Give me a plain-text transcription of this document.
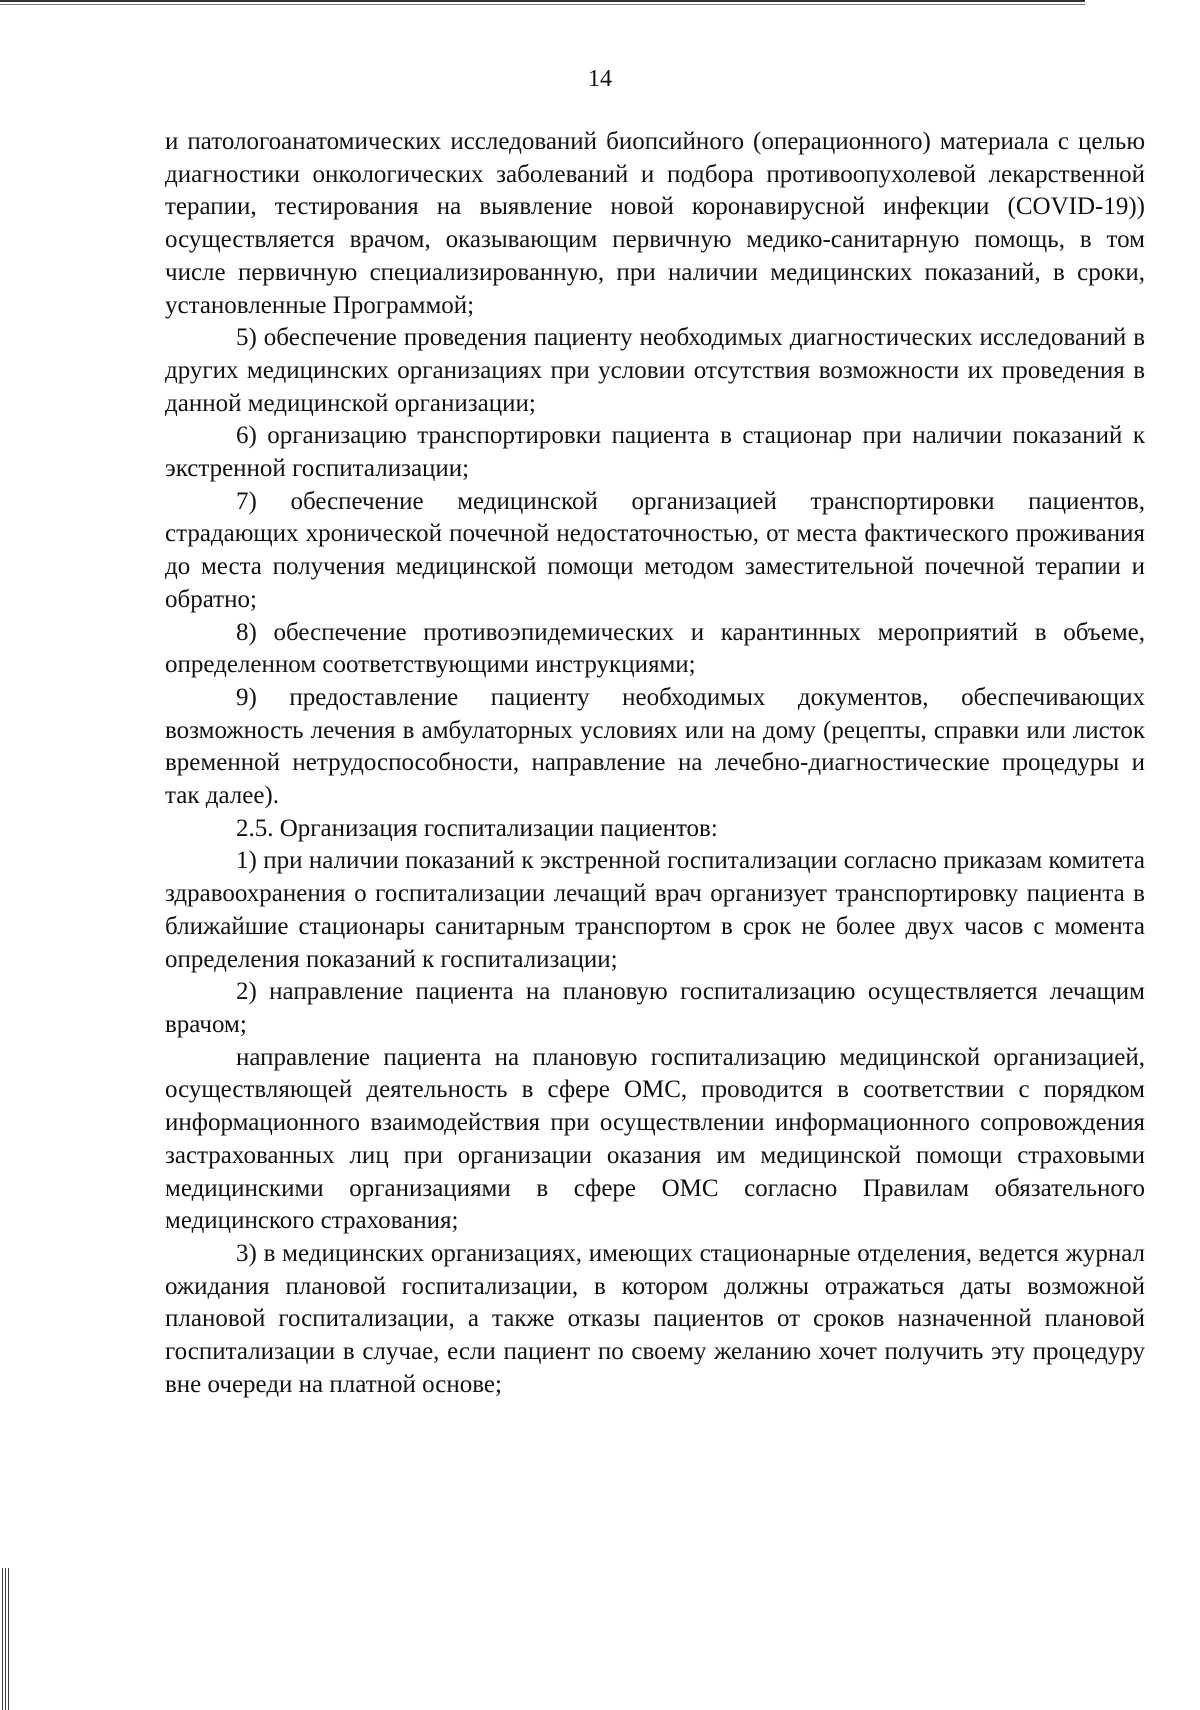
14

и патологоанатомических исследований биопсийного (операционного) материала с целью диагностики онкологических заболеваний и подбора противоопухолевой лекарственной терапии, тестирования на выявление новой коронавирусной инфекции (COVID-19)) осуществляется врачом, оказывающим первичную медико-санитарную помощь, в том числе первичную специализированную, при наличии медицинских показаний, в сроки, установленные Программой;

5) обеспечение проведения пациенту необходимых диагностических исследований в других медицинских организациях при условии отсутствия возможности их проведения в данной медицинской организации;

6) организацию транспортировки пациента в стационар при наличии показаний к экстренной госпитализации;

7) обеспечение медицинской организацией транспортировки пациентов, страдающих хронической почечной недостаточностью, от места фактического проживания до места получения медицинской помощи методом заместительной почечной терапии и обратно;

8) обеспечение противоэпидемических и карантинных мероприятий в объеме, определенном соответствующими инструкциями;

9) предоставление пациенту необходимых документов, обеспечивающих возможность лечения в амбулаторных условиях или на дому (рецепты, справки или листок временной нетрудоспособности, направление на лечебно-диагностические процедуры и так далее).

2.5. Организация госпитализации пациентов:

1) при наличии показаний к экстренной госпитализации согласно приказам комитета здравоохранения о госпитализации лечащий врач организует транспортировку пациента в ближайшие стационары санитарным транспортом в срок не более двух часов с момента определения показаний к госпитализации;

2) направление пациента на плановую госпитализацию осуществляется лечащим врачом;

направление пациента на плановую госпитализацию медицинской организацией, осуществляющей деятельность в сфере ОМС, проводится в соответствии с порядком информационного взаимодействия при осуществлении информационного сопровождения застрахованных лиц при организации оказания им медицинской помощи страховыми медицинскими организациями в сфере ОМС согласно Правилам обязательного медицинского страхования;

3) в медицинских организациях, имеющих стационарные отделения, ведется журнал ожидания плановой госпитализации, в котором должны отражаться даты возможной плановой госпитализации, а также отказы пациентов от сроков назначенной плановой госпитализации в случае, если пациент по своему желанию хочет получить эту процедуру вне очереди на платной основе;
